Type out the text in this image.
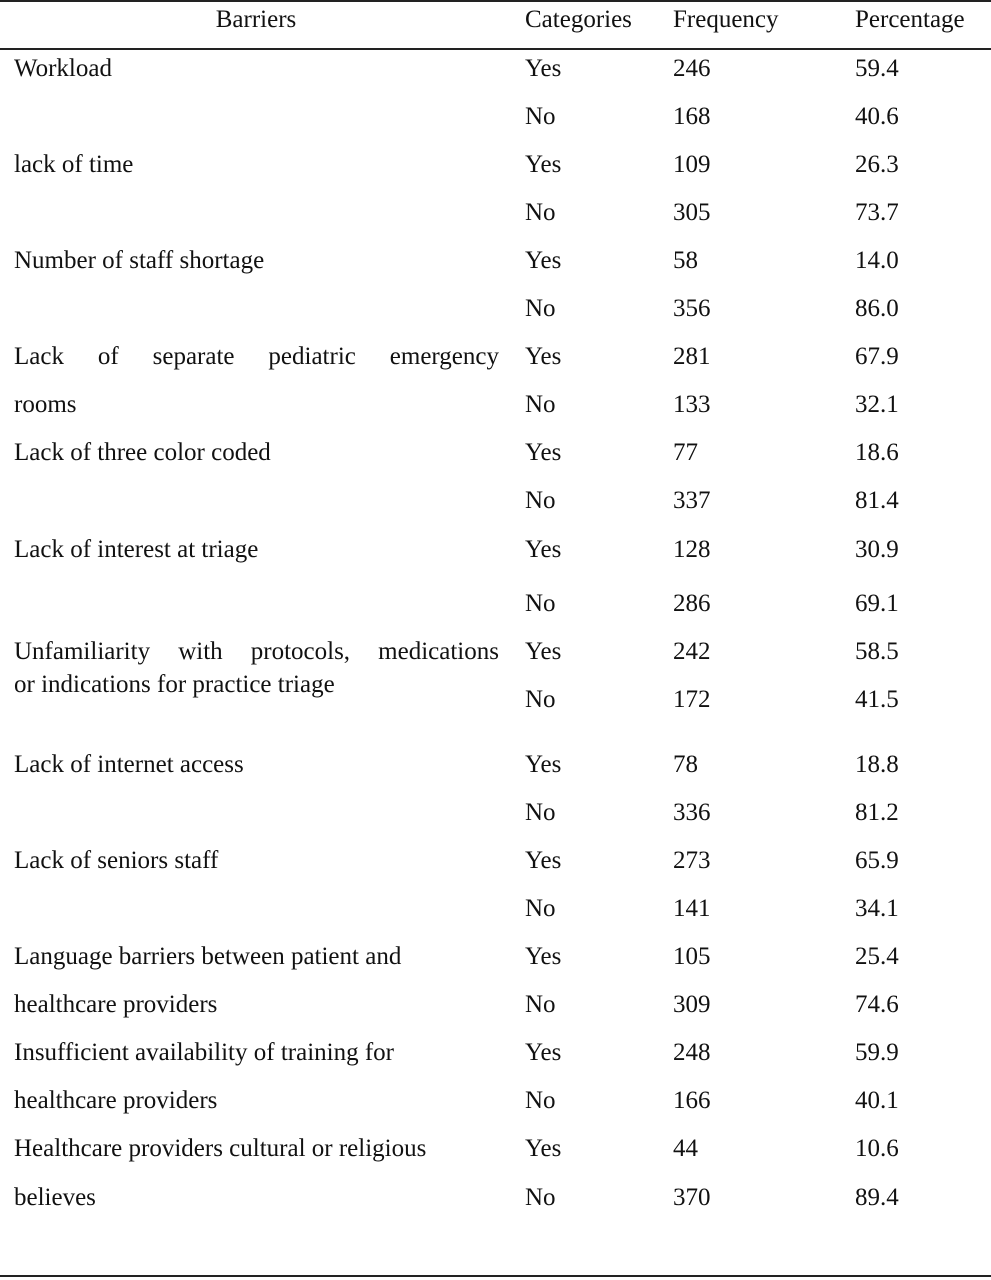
Barriers	Categories Frequency	Percentage
Workload	Yes	246	59.4
No	168	40.6
lack of time	Yes	109	26.3
No	305	73.7
Number of staff shortage	Yes	58	14.0
No	356	86.0
Lack of separate pediatric emergency
rooms
Yes	281	67.9
No	133	32.1
Lack of three color coded	Yes	77	18.6
No	337	81.4
Lack of interest at triage	Yes	128	30.9
No	286	69.1
Unfamiliarity with protocols, medications
or indications for practice triage
Yes	242	58.5
No	172	41.5
Lack of internet access	Yes	78	18.8
No	336	81.2
Lack of seniors staff	Yes	273	65.9
No	141	34.1
Language barriers between patient and
healthcare providers
Yes	105	25.4
No	309	74.6
Insufficient availability of training for
healthcare providers
Yes	248	59.9
No	166	40.1
Healthcare providers cultural or religious
believes
Yes	44	10.6
No	370	89.4
